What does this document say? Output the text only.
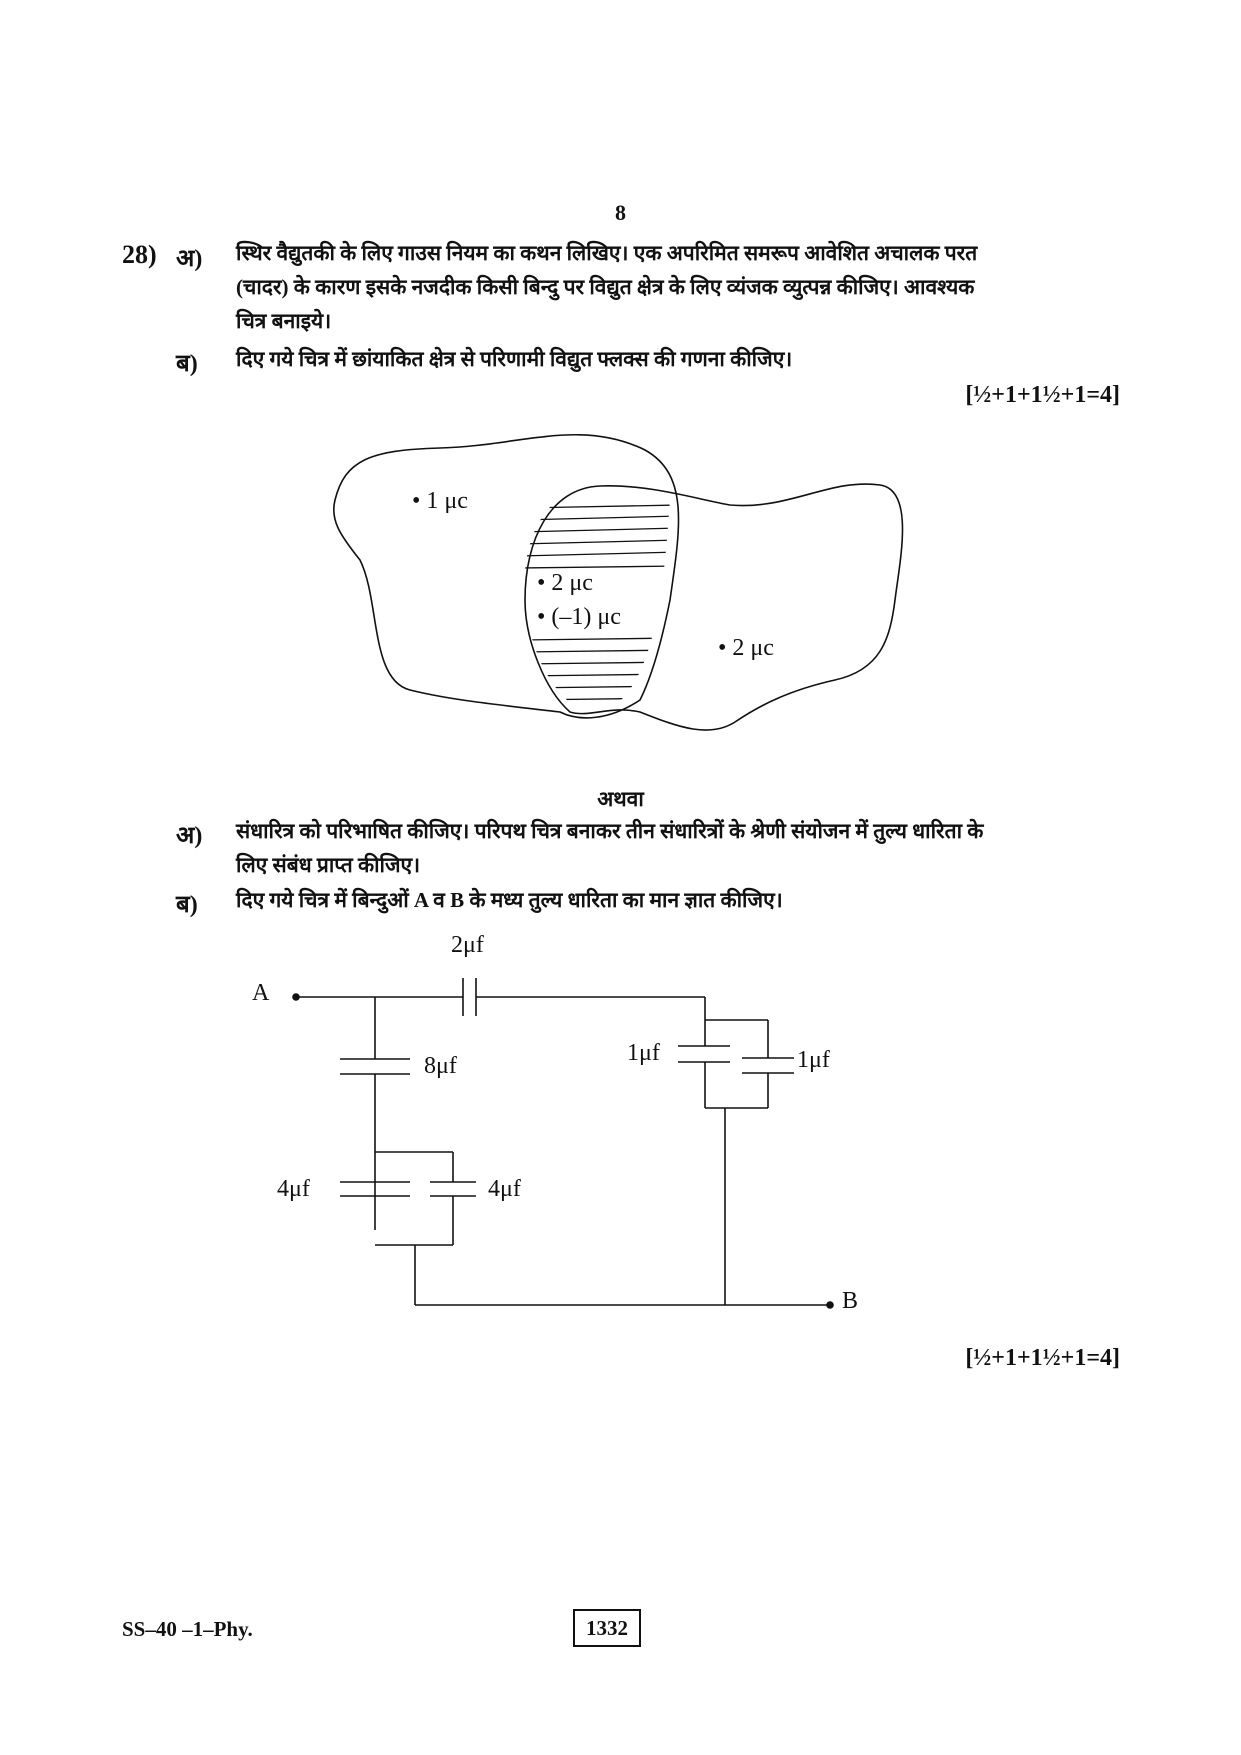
8
28) अ) स्थिर वैद्युतकी के लिए गाउस नियम का कथन लिखिए। एक अपरिमित समरूप आवेशित अचालक परत
(चादर) के कारण इसके नजदीक किसी बिन्दु पर विद्युत क्षेत्र के लिए व्यंजक व्युत्पन्न कीजिए। आवश्यक
चित्र बनाइये।
ब) दिए गये चित्र में छांयाकित क्षेत्र से परिणामी विद्युत फ्लक्स की गणना कीजिए।
[½+1+1½+1=4]
• 1 μc
• 2 μc
• (–1) μc
• 2 μc
अथवा
अ) संधारित्र को परिभाषित कीजिए। परिपथ चित्र बनाकर तीन संधारित्रों के श्रेणी संयोजन में तुल्य धारिता के
लिए संबंध प्राप्त कीजिए।
ब) दिए गये चित्र में बिन्दुओं A व B के मध्य तुल्य धारिता का मान ज्ञात कीजिए।
A
B
2μf
8μf
4μf	4μf
1μf	1μf
[½+1+1½+1=4]
SS–40 –1–Phy.	1332
